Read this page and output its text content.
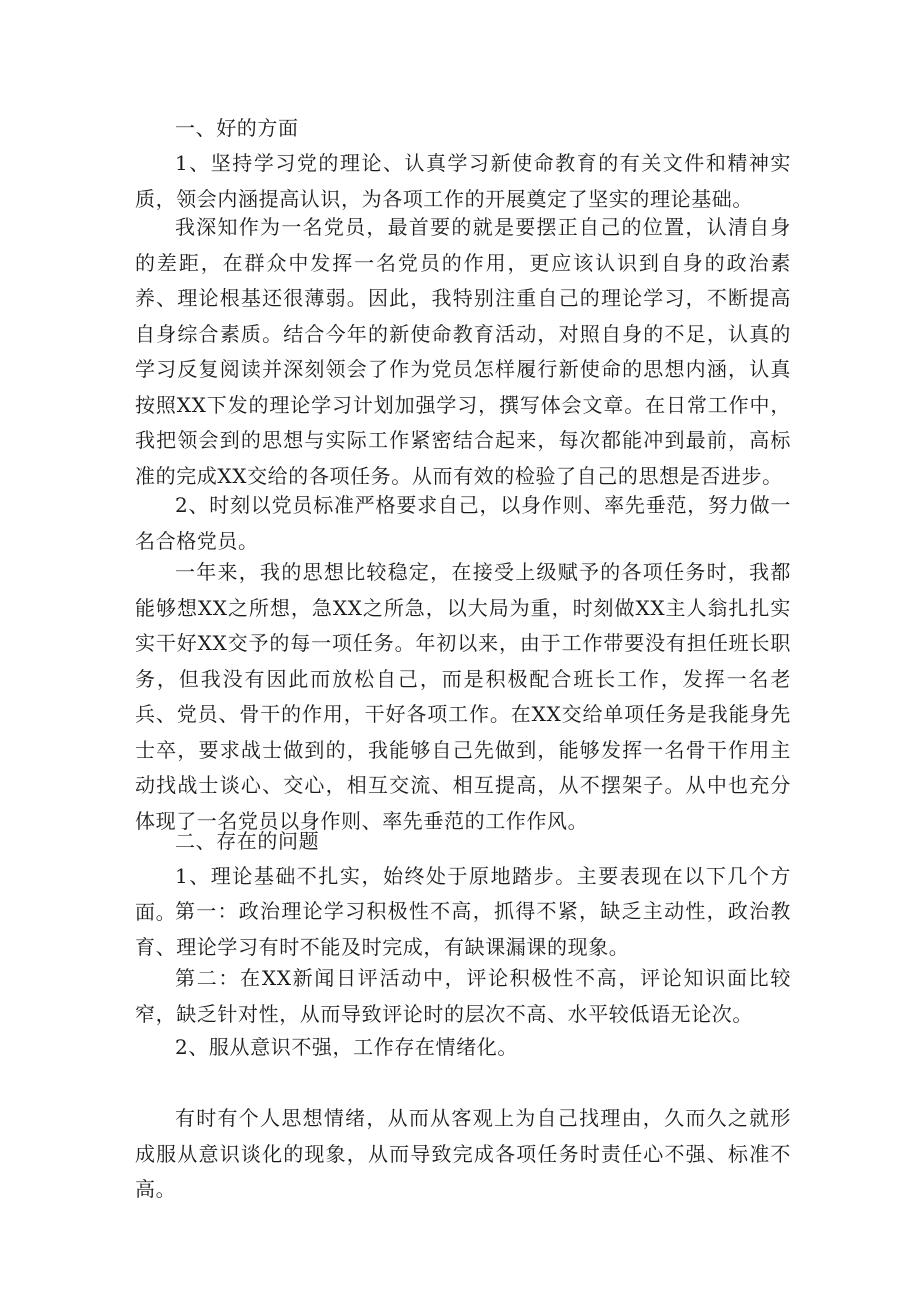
一、好的方面

1、坚持学习党的理论、认真学习新使命教育的有关文件和精神实质，领会内涵提高认识，为各项工作的开展奠定了坚实的理论基础。

我深知作为一名党员，最首要的就是要摆正自己的位置，认清自身的差距，在群众中发挥一名党员的作用，更应该认识到自身的政治素养、理论根基还很薄弱。因此，我特别注重自己的理论学习，不断提高自身综合素质。结合今年的新使命教育活动，对照自身的不足，认真的学习反复阅读并深刻领会了作为党员怎样履行新使命的思想内涵，认真按照XX下发的理论学习计划加强学习，撰写体会文章。在日常工作中，我把领会到的思想与实际工作紧密结合起来，每次都能冲到最前，高标准的完成XX交给的各项任务。从而有效的检验了自己的思想是否进步。

2、时刻以党员标准严格要求自己，以身作则、率先垂范，努力做一名合格党员。

一年来，我的思想比较稳定，在接受上级赋予的各项任务时，我都能够想XX之所想，急XX之所急，以大局为重，时刻做XX主人翁扎扎实实干好XX交予的每一项任务。年初以来，由于工作带要没有担任班长职务，但我没有因此而放松自己，而是积极配合班长工作，发挥一名老兵、党员、骨干的作用，干好各项工作。在XX交给单项任务是我能身先士卒，要求战士做到的，我能够自己先做到，能够发挥一名骨干作用主动找战士谈心、交心，相互交流、相互提高，从不摆架子。从中也充分体现了一名党员以身作则、率先垂范的工作作风。

二、存在的问题

1、理论基础不扎实，始终处于原地踏步。主要表现在以下几个方面。

第一：政治理论学习积极性不高，抓得不紧，缺乏主动性，政治教育、理论学习有时不能及时完成，有缺课漏课的现象。

第二：在XX新闻日评活动中，评论积极性不高，评论知识面比较窄，缺乏针对性，从而导致评论时的层次不高、水平较低语无论次。

2、服从意识不强，工作存在情绪化。

有时有个人思想情绪，从而从客观上为自己找理由，久而久之就形成服从意识谈化的现象，从而导致完成各项任务时责任心不强、标准不高。
